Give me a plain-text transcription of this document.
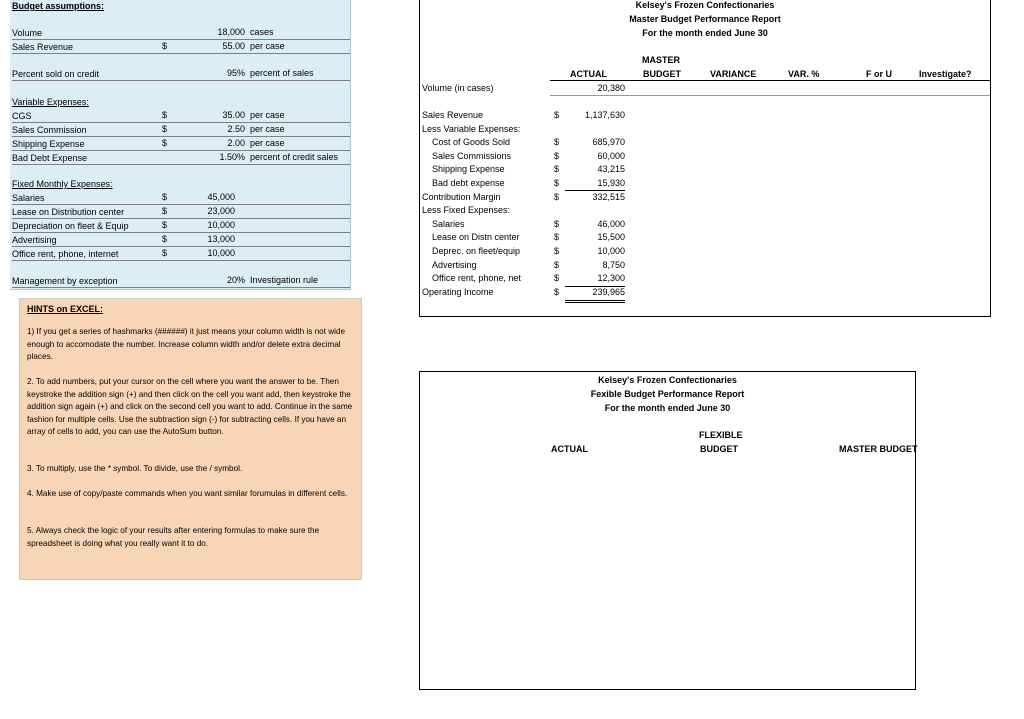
Budget assumptions:
Volume	18,000 cases
Sales Revenue	$	55.00 per case
Percent sold on credit	95% percent of sales
Variable Expenses:
CGS	$	35.00 per case
Sales Commission	$	2.50 per case
Shipping Expense	$	2.00 per case
Bad Debt Expense	1.50% percent of credit sales
Fixed Monthly Expenses:
Salaries	$	45,000
Lease on Distribution center	$	23,000
Depreciation on fleet & Equip	$	10,000
Advertising	$	13,000
Office rent, phone, internet	$	10,000
Management by exception	20% Investigation rule
HINTS on EXCEL:
1) If you get a series of hashmarks (######) it just means your column width is not wide enough to accomodate the number. Increase column width and/or delete extra decimal places.
2. To add numbers, put your cursor on the cell where you want the answer to be. Then keystroke the addition sign (+) and then click on the cell you want add, then keystroke the addition sign again (+) and click on the second cell you want to add. Continue in the same fashion for multiple cells. Use the subtraction sign (-) for subtracting cells. If you have an array of cells to add, you can use the AutoSum button.
3. To multiply, use the * symbol. To divide, use the / symbol.
4. Make use of copy/paste commands when you want similar forumulas in different cells.
5. Always check the logic of your results after entering formulas to make sure the spreadsheet is doing what you really want it to do.
Kelsey's Frozen Confectionaries
Master Budget Performance Report
For the month ended June 30
MASTER
ACTUAL	BUDGET	VARIANCE	VAR. %	F or U	Investigate?
Volume (in cases)	20,380
Sales Revenue	$	1,137,630
Less Variable Expenses:
Cost of Goods Sold	$	685,970
Sales Commissions	$	60,000
Shipping Expense	$	43,215
Bad debt expense	$	15,930
Contribution Margin	$	332,515
Less Fixed Expenses:
Salaries	$	46,000
Lease on Distn center	$	15,500
Deprec. on fleet/equip	$	10,000
Advertising	$	8,750
Office rent, phone, net	$	12,300
Operating Income	$	239,965
Kelsey's Frozen Confectionaries
Fexible Budget Performance Report
For the month ended June 30
FLEXIBLE
ACTUAL	BUDGET	MASTER BUDGET
